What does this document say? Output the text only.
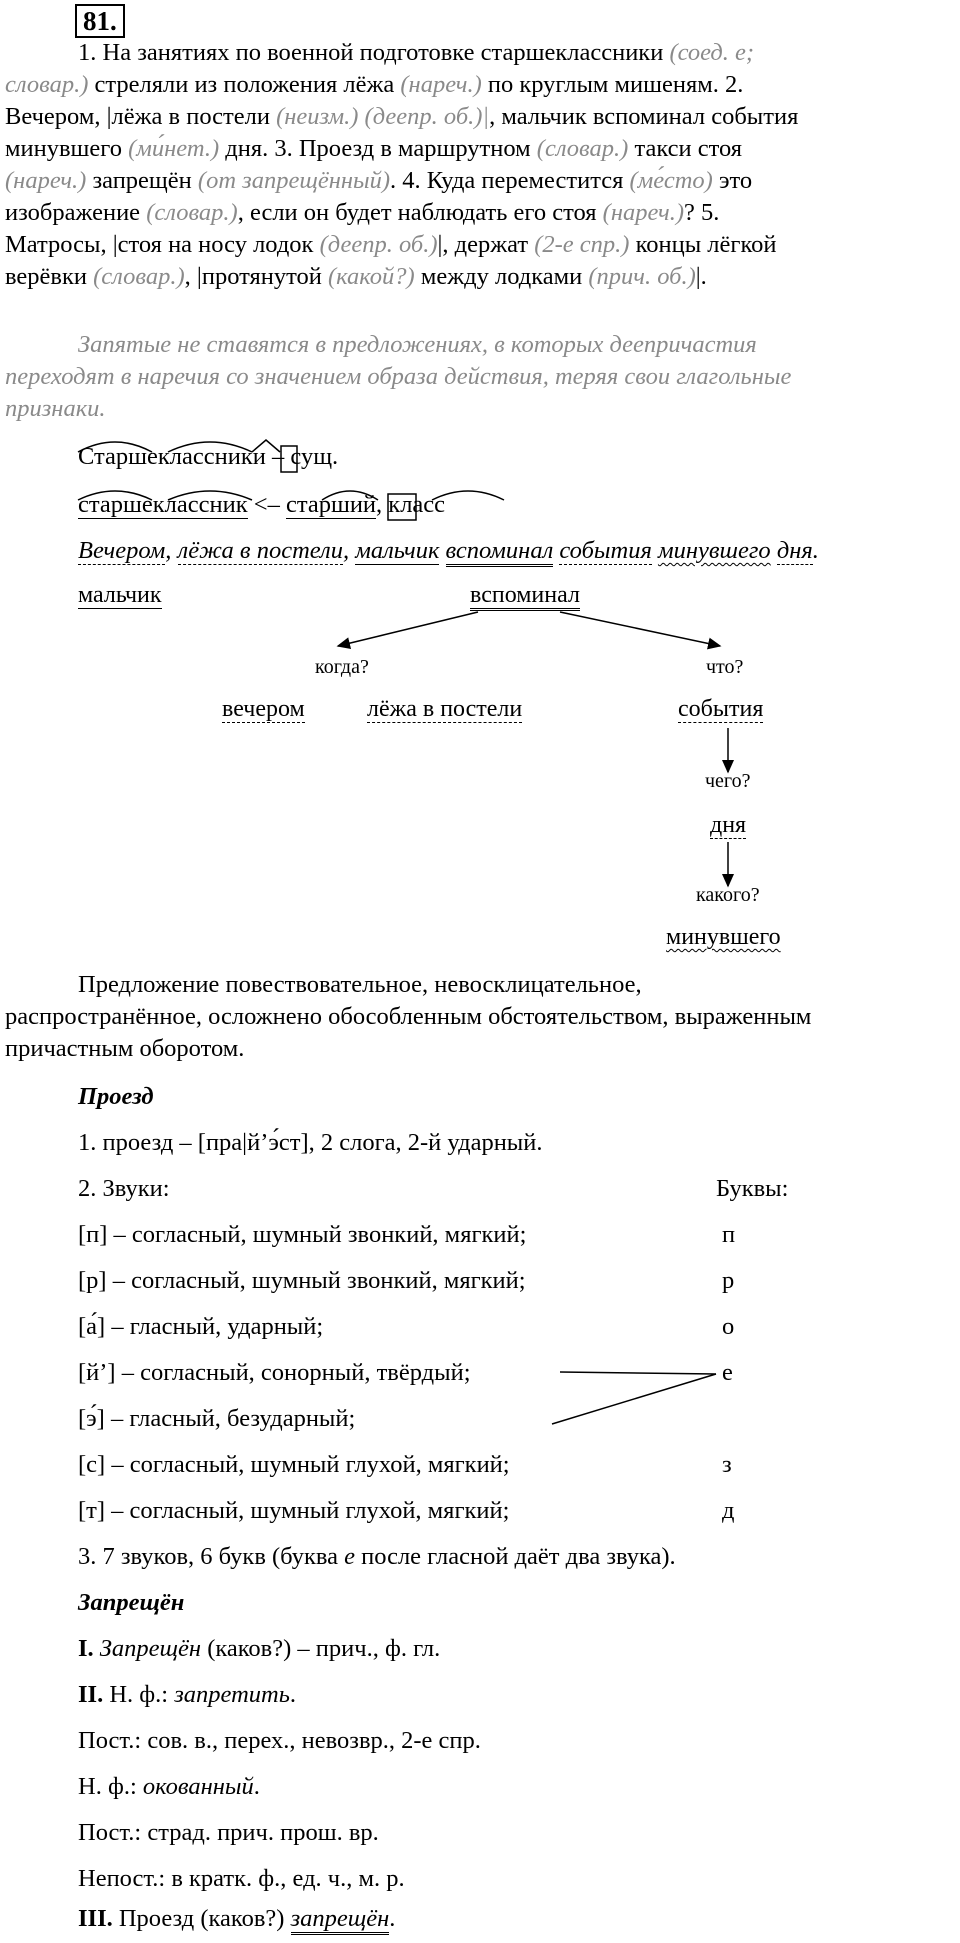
81.
1. На занятиях по военной подготовке старшеклассники (соед. е;
словар.) стреляли из положения лёжа (нареч.) по круглым мишеням. 2.
Вечером, |лёжа в постели (неизм.) (деепр. об.)|, мальчик вспоминал события
минувшего (ми́нет.) дня. 3. Проезд в маршрутном (словар.) такси стоя
(нареч.) запрещён (от запрещённый). 4. Куда переместится (ме́сто) это
изображение (словар.), если он будет наблюдать его стоя (нареч.)? 5.
Матросы, |стоя на носу лодок (деепр. об.)|, держат (2-е спр.) концы лёгкой
верёвки (словар.), |протянутой (какой?) между лодками (прич. об.)|.
Запятые не ставятся в предложениях, в которых деепричастия
переходят в наречия со значением образа действия, теряя свои глагольные
признаки.
Старшеклассники – сущ.
старшеклассник <– старший, класс
Вечером, лёжа в постели, мальчик вспоминал события минувшего дня.
мальчик	вспоминал
когда?	что?
вечером	лёжа в постели	события
чего?
дня
какого?
минувшего
Предложение повествовательное, невосклицательное,
распространённое, осложнено обособленным обстоятельством, выраженным
причастным оборотом.
Проезд
1. проезд – [пра|й’э́ст], 2 слога, 2-й ударный.
2. Звуки:	Буквы:
[п] – согласный, шумный звонкий, мягкий;	п
[р] – согласный, шумный звонкий, мягкий;	р
[а́] – гласный, ударный;	о
[й’] – согласный, сонорный, твёрдый;	е
[э́] – гласный, безударный;
[с] – согласный, шумный глухой, мягкий;	з
[т] – согласный, шумный глухой, мягкий;	д
3. 7 звуков, 6 букв (буква е после гласной даёт два звука).
Запрещён
I. Запрещён (каков?) – прич., ф. гл.
II. Н. ф.: запретить.
Пост.: сов. в., перех., невозвр., 2-е спр.
Н. ф.: окованный.
Пост.: страд. прич. прош. вр.
Непост.: в кратк. ф., ед. ч., м. р.
III. Проезд (каков?) запрещён.
